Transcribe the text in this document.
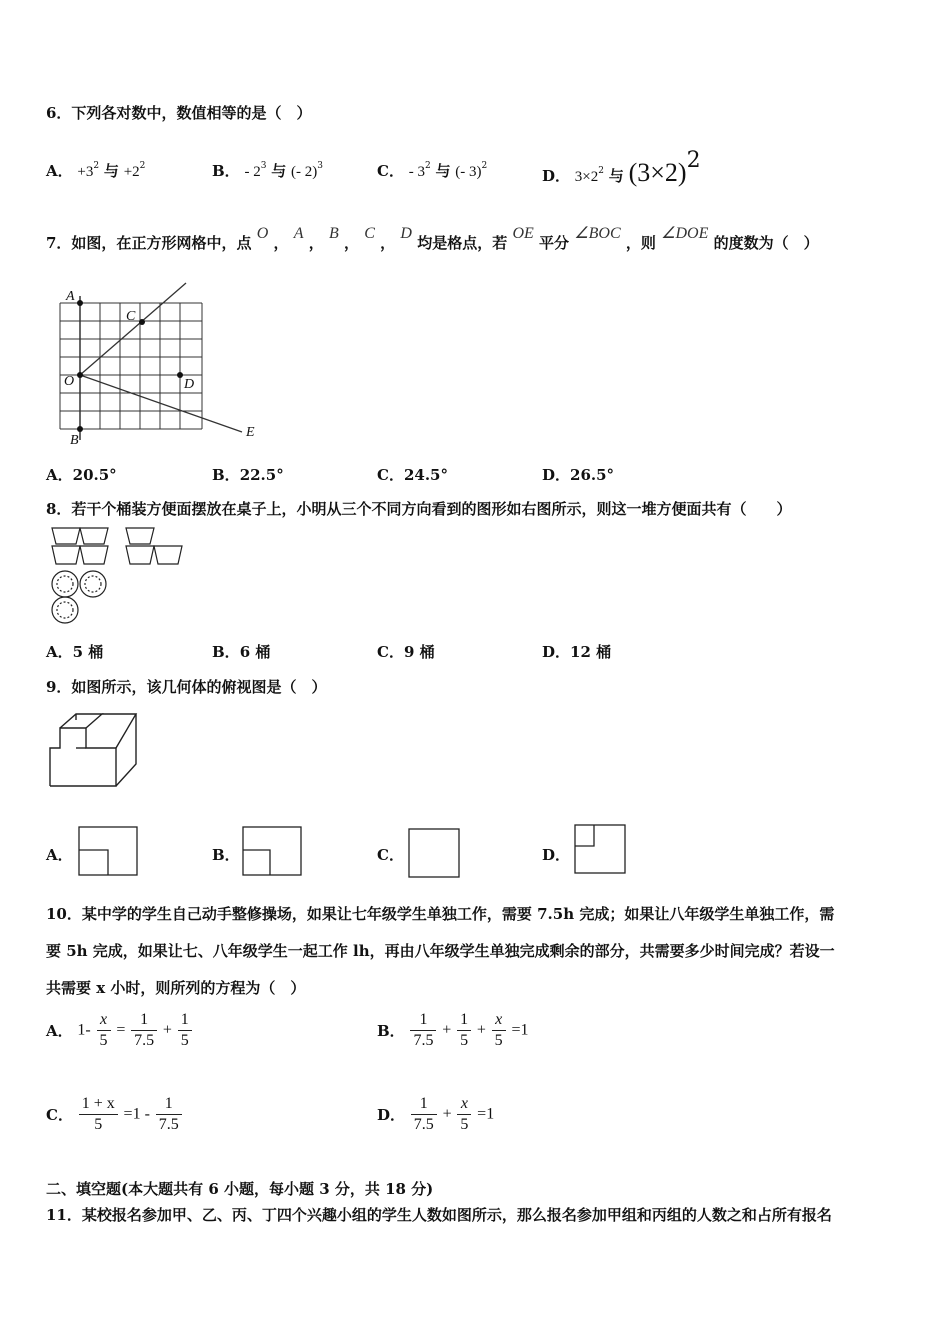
6．下列各对数中，数值相等的是（　）
A． $+3^2$ 与 $+2^2$	B． - $2^3$ 与 (- 2)$^3$	C． - $3^2$ 与 (- 3)$^2$
D． $3\times 2^2$ 与 $(3\times 2)^2$
7．如图，在正方形网格中，点 O ， A ， B ， C ， D 均是格点，若 OE 平分 ∠BOC ，则 ∠DOE 的度数为（　）
A
C
O	D
B
E
A．20.5°	B．22.5°	C．24.5°	D．26.5°
8．若干个桶装方便面摆放在桌子上，小明从三个不同方向看到的图形如右图所示，则这一堆方便面共有（　　）
A．5 桶	B．6 桶	C．9 桶	D．12 桶
9．如图所示，该几何体的俯视图是（　）
A．	B．	C．	D．
10．某中学的学生自己动手整修操场，如果让七年级学生单独工作，需要 7.5h 完成；如果让八年级学生单独工作，需
要 5h 完成，如果让七、八年级学生一起工作 lh，再由八年级学生单独完成剩余的部分，共需要多少时间完成？若设一
共需要 x 小时，则所列的方程为（　）
A． $1- \frac{x}{5} = \frac{1}{7.5} + \frac{1}{5}$	B． $\frac{1}{7.5} + \frac{1}{5} + \frac{x}{5} =1$
C． $\frac{1 + x}{5} =1 - \frac{1}{7.5}$	D． $\frac{1}{7.5} + \frac{x}{5} =1$
二、填空题(本大题共有 6 小题，每小题 3 分，共 18 分)
11．某校报名参加甲、乙、丙、丁四个兴趣小组的学生人数如图所示，那么报名参加甲组和丙组的人数之和占所有报名
